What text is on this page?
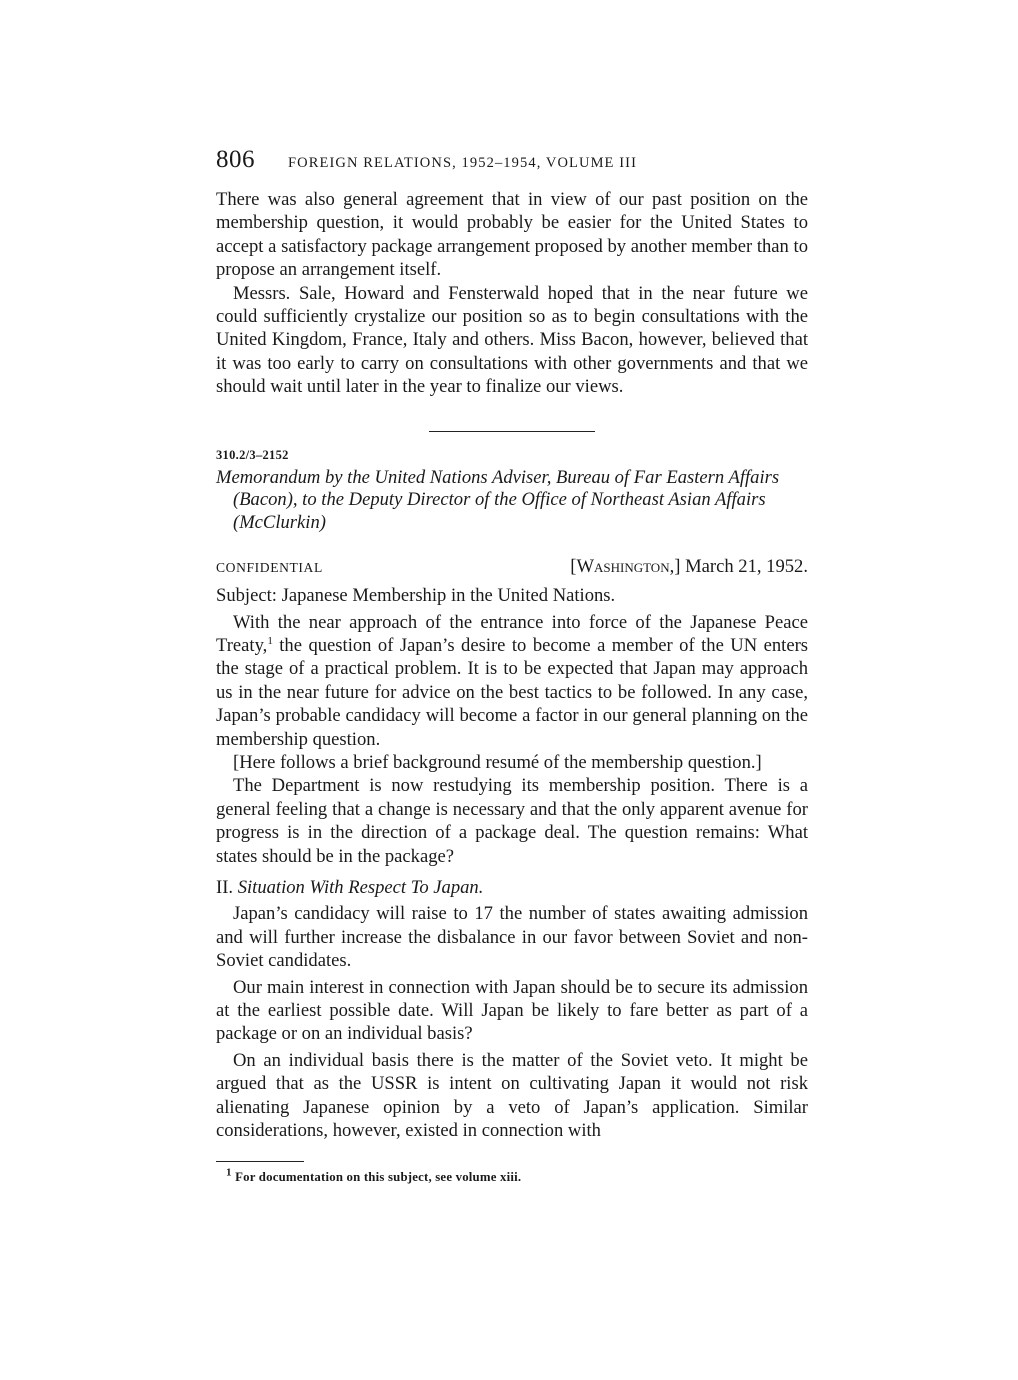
806	FOREIGN RELATIONS, 1952–1954, VOLUME III

There was also general agreement that in view of our past position on the membership question, it would probably be easier for the United States to accept a satisfactory package arrangement proposed by another member than to propose an arrangement itself.

Messrs. Sale, Howard and Fensterwald hoped that in the near future we could sufficiently crystalize our position so as to begin consultations with the United Kingdom, France, Italy and others. Miss Bacon, however, believed that it was too early to carry on consultations with other governments and that we should wait until later in the year to finalize our views.

310.2/3–2152
Memorandum by the United Nations Adviser, Bureau of Far Eastern Affairs (Bacon), to the Deputy Director of the Office of Northeast Asian Affairs (McClurkin)
CONFIDENTIAL	[Washington,] March 21, 1952.
Subject: Japanese Membership in the United Nations.

With the near approach of the entrance into force of the Japanese Peace Treaty,$^1$ the question of Japan’s desire to become a member of the UN enters the stage of a practical problem. It is to be expected that Japan may approach us in the near future for advice on the best tactics to be followed. In any case, Japan’s probable candidacy will become a factor in our general planning on the membership question.

[Here follows a brief background resumé of the membership question.]

The Department is now restudying its membership position. There is a general feeling that a change is necessary and that the only apparent avenue for progress is in the direction of a package deal. The question remains: What states should be in the package?

II. Situation With Respect To Japan.

Japan’s candidacy will raise to 17 the number of states awaiting admission and will further increase the disbalance in our favor between Soviet and non-Soviet candidates.

Our main interest in connection with Japan should be to secure its admission at the earliest possible date. Will Japan be likely to fare better as part of a package or on an individual basis?

On an individual basis there is the matter of the Soviet veto. It might be argued that as the USSR is intent on cultivating Japan it would not risk alienating Japanese opinion by a veto of Japan’s application. Similar considerations, however, existed in connection with

$^1$ For documentation on this subject, see volume xiii.
